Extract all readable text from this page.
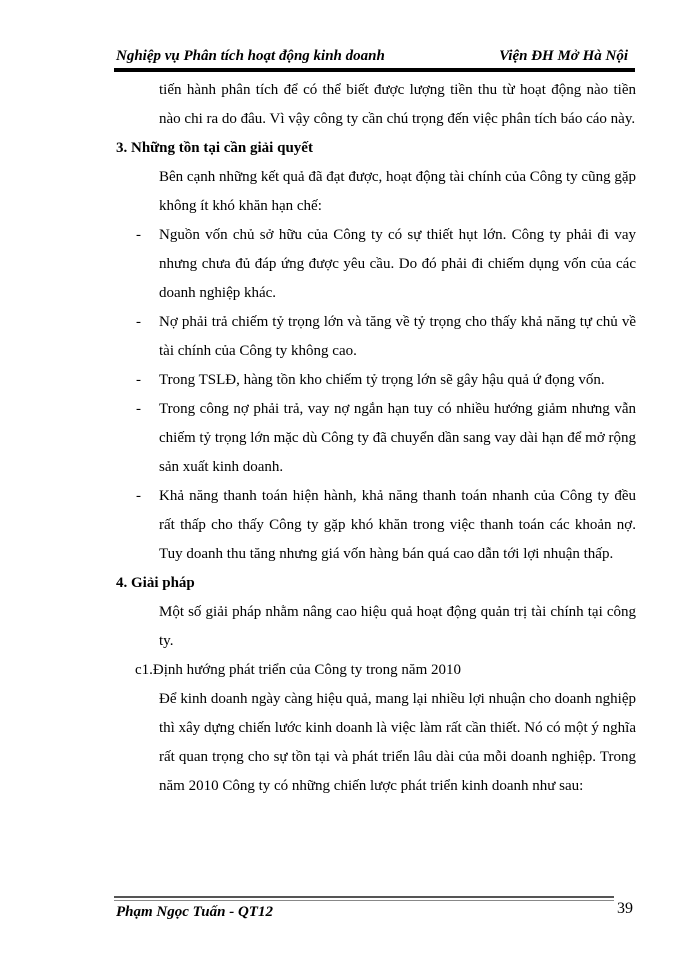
Nghiệp vụ Phân tích hoạt động kinh doanh	Viện ĐH Mở Hà Nội

tiến hành phân tích để có thể biết được lượng tiền thu từ hoạt động nào tiền nào chi ra do đâu. Vì vậy công ty cần chú trọng đến việc phân tích báo cáo này.

3. Những tồn tại cần giải quyết

Bên cạnh những kết quả đã đạt được, hoạt động tài chính của Công ty cũng gặp không ít khó khăn hạn chế:

- Nguồn vốn chủ sở hữu của Công ty có sự thiết hụt lớn. Công ty phải đi vay nhưng chưa đủ đáp ứng được yêu cầu. Do đó phải đi chiếm dụng vốn của các doanh nghiệp khác.

- Nợ phải trả chiếm tỷ trọng lớn và tăng về tỷ trọng cho thấy khả năng tự chủ về tài chính của Công ty không cao.

- Trong TSLĐ, hàng tồn kho chiếm tỷ trọng lớn sẽ gây hậu quả ứ đọng vốn.

- Trong công nợ phải trả, vay nợ ngắn hạn tuy có nhiều hướng giảm nhưng vẫn chiếm tỷ trọng lớn mặc dù Công ty đã chuyển dần sang vay dài hạn để mở rộng sản xuất kinh doanh.

- Khả năng thanh toán hiện hành, khả năng thanh toán nhanh của Công ty đều rất thấp cho thấy Công ty gặp khó khăn trong việc thanh toán các khoản nợ. Tuy doanh thu tăng nhưng giá vốn hàng bán quá cao dẫn tới lợi nhuận thấp.

4. Giải pháp

Một số giải pháp nhằm nâng cao hiệu quả hoạt động quản trị tài chính tại công ty.

c1.Định hướng phát triển của Công ty trong năm 2010

Để kinh doanh ngày càng hiệu quả, mang lại nhiều lợi nhuận cho doanh nghiệp thì xây dựng chiến lước kinh doanh là việc làm rất cần thiết. Nó có một ý nghĩa rất quan trọng cho sự tồn tại và phát triển lâu dài của mỗi doanh nghiệp. Trong năm 2010 Công ty có những chiến lược phát triển kinh doanh như sau:

Phạm Ngọc Tuấn - QT12	39
